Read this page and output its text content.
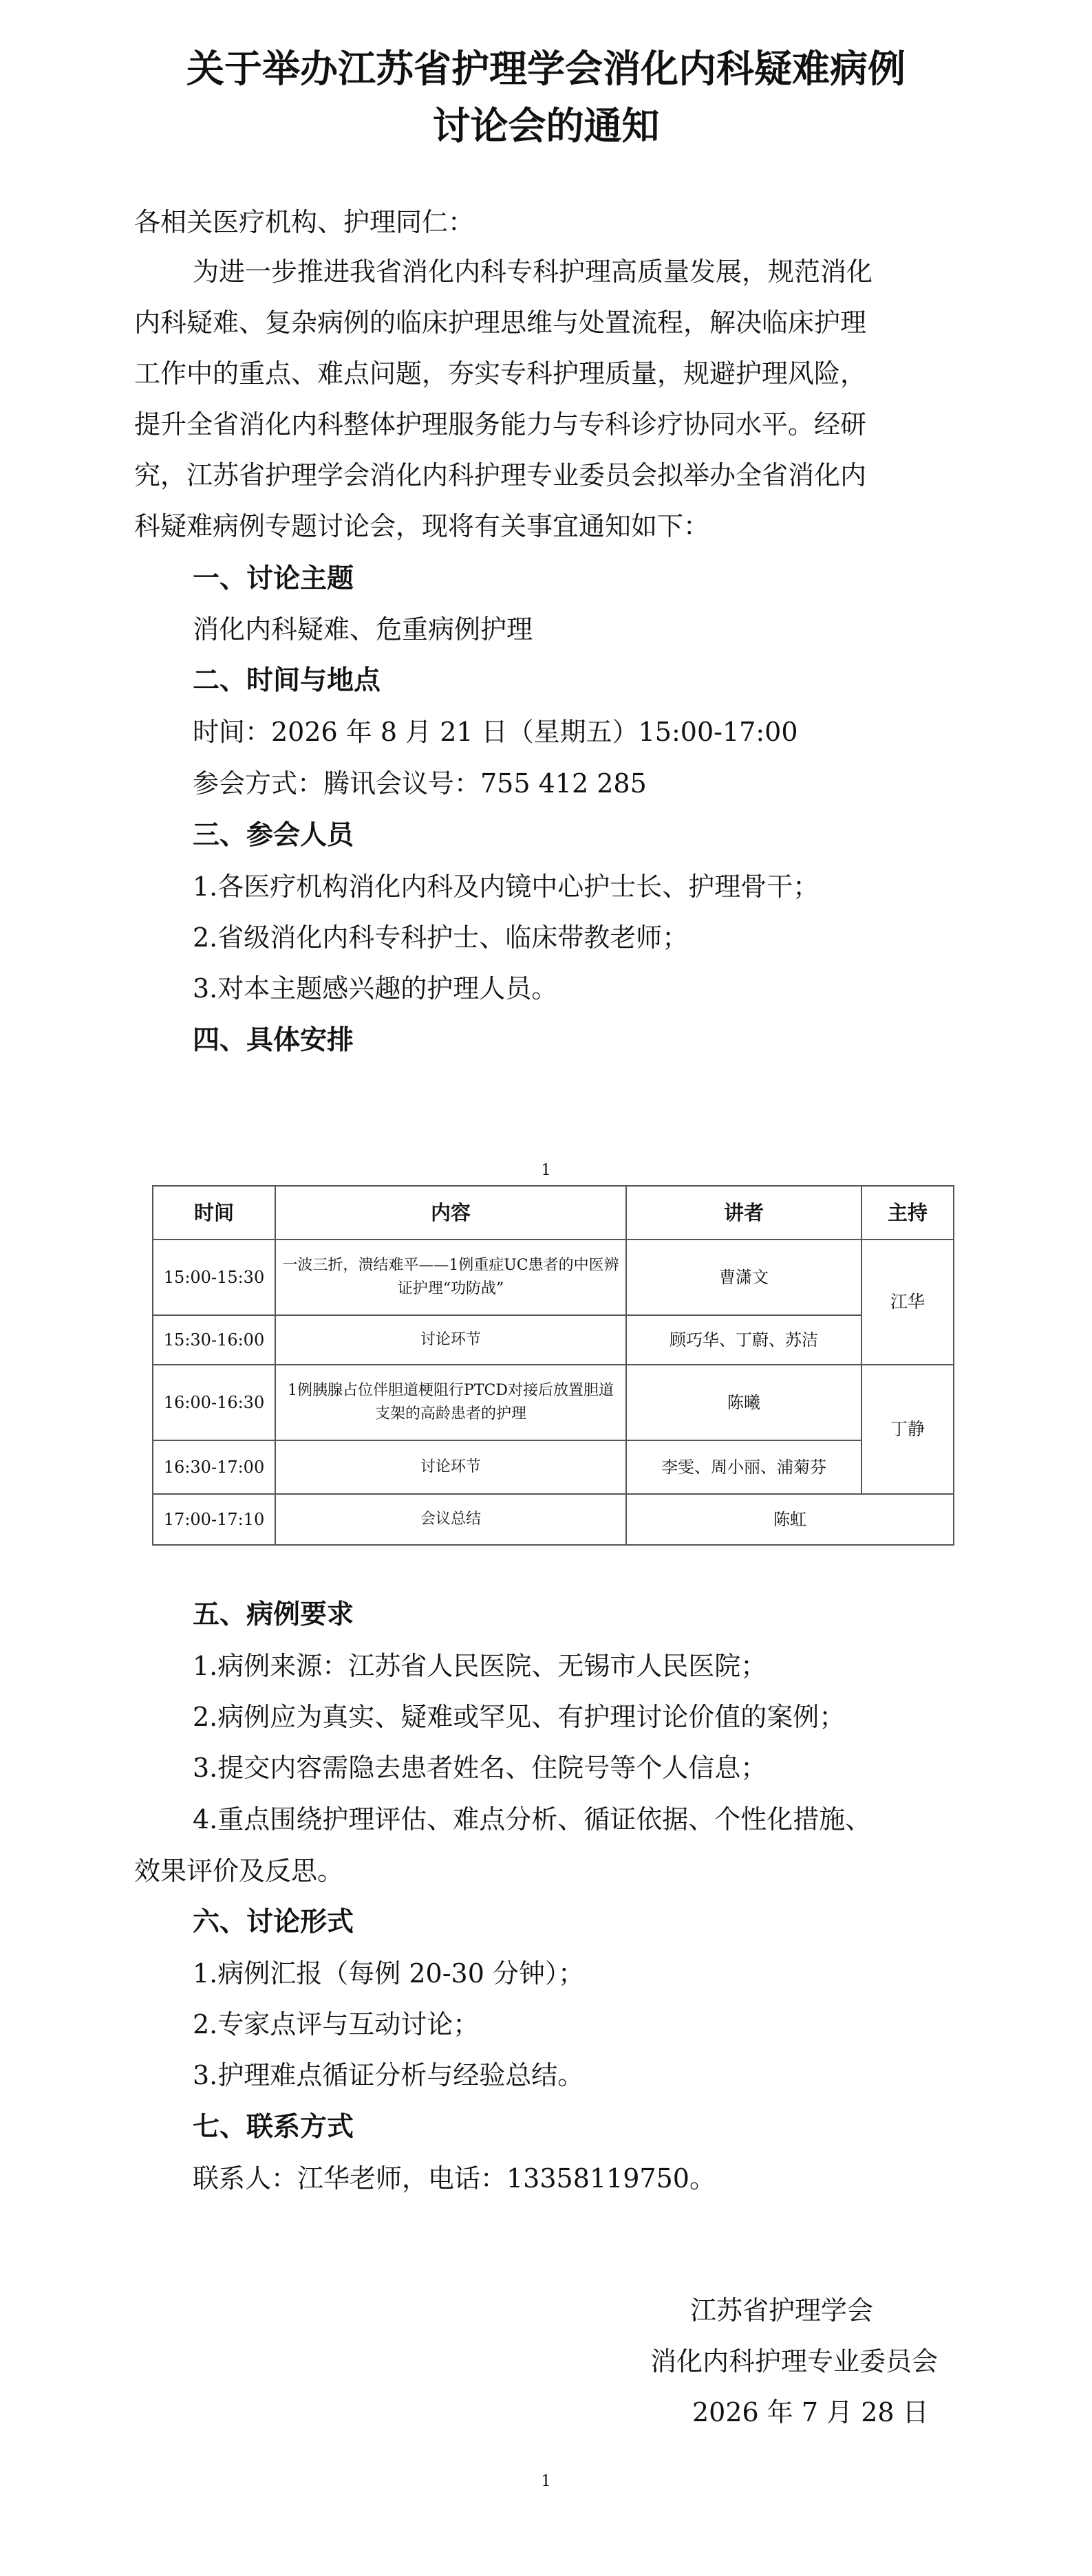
关于举办江苏省护理学会消化内科疑难病例
讨论会的通知
各相关医疗机构、护理同仁：
为进一步推进我省消化内科专科护理高质量发展，规范消化
内科疑难、复杂病例的临床护理思维与处置流程，解决临床护理
工作中的重点、难点问题，夯实专科护理质量，规避护理风险，
提升全省消化内科整体护理服务能力与专科诊疗协同水平。经研
究，江苏省护理学会消化内科护理专业委员会拟举办全省消化内
科疑难病例专题讨论会，现将有关事宜通知如下：
一、讨论主题
消化内科疑难、危重病例护理
二、时间与地点
时间：2026 年 8 月 21 日（星期五）15:00-17:00
参会方式：腾讯会议号：755 412 285
三、参会人员
1.各医疗机构消化内科及内镜中心护士长、护理骨干；
2.省级消化内科专科护士、临床带教老师；
3.对本主题感兴趣的护理人员。
四、具体安排
1
时间	内容	讲者	主持
15:00-15:30	一波三折，溃结难平——1例重症UC患者的中医辨证护理“功防战”	曹潇文	江华
15:30-16:00	讨论环节	顾巧华、丁蔚、苏洁	
16:00-16:30	1例胰腺占位伴胆道梗阻行PTCD对接后放置胆道支架的高龄患者的护理	陈曦	丁静
16:30-17:00	讨论环节	李雯、周小丽、浦菊芬	
17:00-17:10	会议总结	陈虹	
五、病例要求
1.病例来源：江苏省人民医院、无锡市人民医院；
2.病例应为真实、疑难或罕见、有护理讨论价值的案例；
3.提交内容需隐去患者姓名、住院号等个人信息；
4.重点围绕护理评估、难点分析、循证依据、个性化措施、
效果评价及反思。
六、讨论形式
1.病例汇报（每例 20-30 分钟）；
2.专家点评与互动讨论；
3.护理难点循证分析与经验总结。
七、联系方式
联系人：江华老师，电话：13358119750。
江苏省护理学会
消化内科护理专业委员会
2026 年 7 月 28 日
1
